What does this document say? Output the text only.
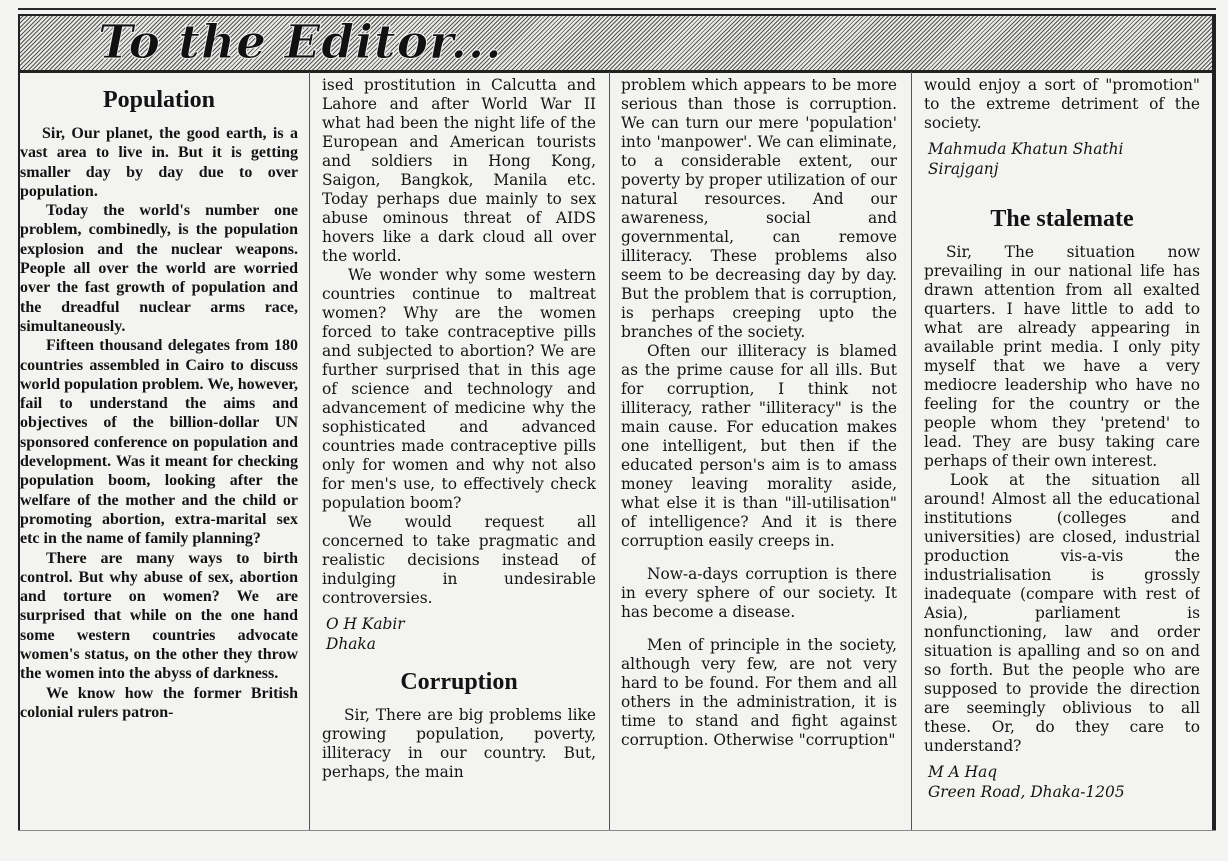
To the Editor...
Population

Sir, Our planet, the good earth, is a vast area to live in. But it is getting smaller day by day due to over population.

Today the world's number one problem, combinedly, is the population explosion and the nuclear weapons. People all over the world are worried over the fast growth of population and the dreadful nuclear arms race, simultaneously.

Fifteen thousand delegates from 180 countries assembled in Cairo to discuss world population problem. We, however, fail to understand the aims and objectives of the billion-dollar UN sponsored conference on population and development. Was it meant for checking population boom, looking after the welfare of the mother and the child or promoting abortion, extra-marital sex etc in the name of family planning?

There are many ways to birth control. But why abuse of sex, abortion and torture on women? We are surprised that while on the one hand some western countries advocate women's status, on the other they throw the women into the abyss of darkness.

We know how the former British colonial rulers patron-

ised prostitution in Calcutta and Lahore and after World War II what had been the night life of the European and American tourists and soldiers in Hong Kong, Saigon, Bangkok, Manila etc. Today perhaps due mainly to sex abuse ominous threat of AIDS hovers like a dark cloud all over the world.

We wonder why some western countries continue to maltreat women? Why are the women forced to take contraceptive pills and subjected to abortion? We are further surprised that in this age of science and technology and advancement of medicine why the sophisticated and advanced countries made contraceptive pills only for women and why not also for men's use, to effectively check population boom?

We would request all concerned to take pragmatic and realistic decisions instead of indulging in undesirable controversies.

O H Kabir
Dhaka
Corruption

Sir, There are big problems like growing population, poverty, illiteracy in our country. But, perhaps, the main

problem which appears to be more serious than those is corruption. We can turn our mere 'population' into 'manpower'. We can eliminate, to a considerable extent, our poverty by proper utilization of our natural resources. And our awareness, social and governmental, can remove illiteracy. These problems also seem to be decreasing day by day. But the problem that is corruption, is perhaps creeping upto the branches of the society.

Often our illiteracy is blamed as the prime cause for all ills. But for corruption, I think not illiteracy, rather "illiteracy" is the main cause. For education makes one intelligent, but then if the educated person's aim is to amass money leaving morality aside, what else it is than "ill-utilisation" of intelligence? And it is there corruption easily creeps in.

Now-a-days corruption is there in every sphere of our society. It has become a disease.

Men of principle in the society, although very few, are not very hard to be found. For them and all others in the administration, it is time to stand and fight against corruption. Otherwise "corruption"

would enjoy a sort of "promotion" to the extreme detriment of the society.

Mahmuda Khatun Shathi
Sirajganj
The stalemate

Sir, The situation now prevailing in our national life has drawn attention from all exalted quarters. I have little to add to what are already appearing in available print media. I only pity myself that we have a very mediocre leadership who have no feeling for the country or the people whom they 'pretend' to lead. They are busy taking care perhaps of their own interest.

Look at the situation all around! Almost all the educational institutions (colleges and universities) are closed, industrial production vis-a-vis the industrialisation is grossly inadequate (compare with rest of Asia), parliament is nonfunctioning, law and order situation is apalling and so on and so forth. But the people who are supposed to provide the direction are seemingly oblivious to all these. Or, do they care to understand?

M A Haq
Green Road, Dhaka-1205
